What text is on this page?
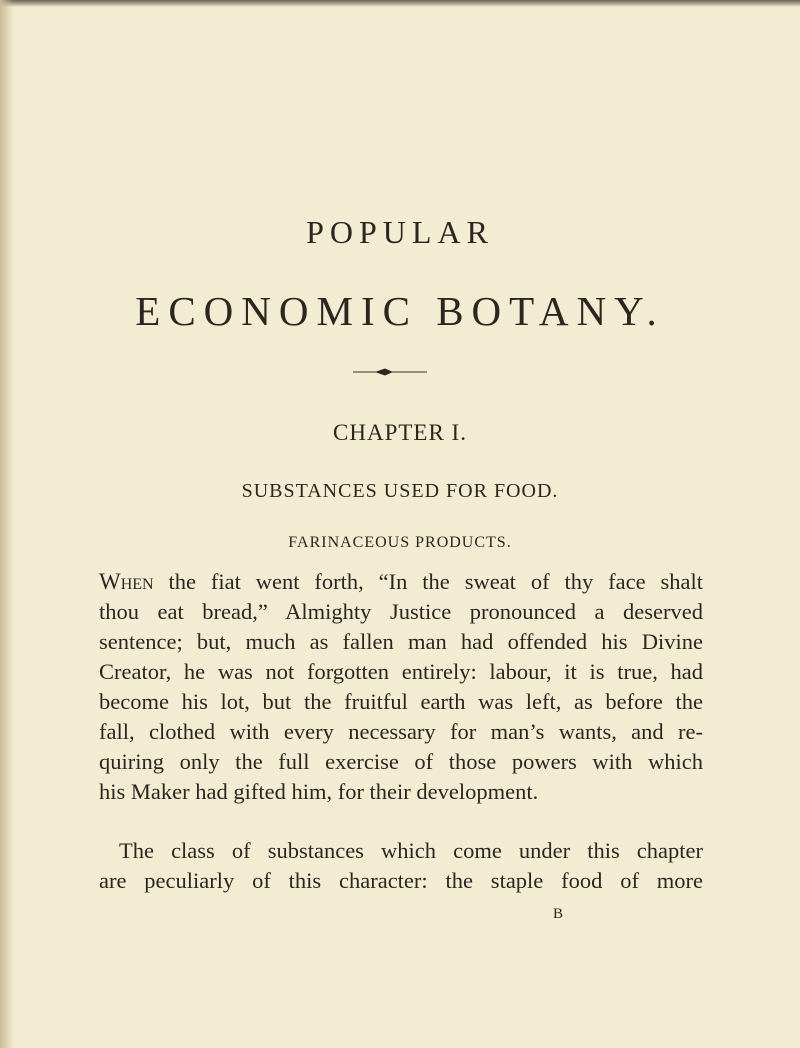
POPULAR
ECONOMIC BOTANY.
CHAPTER I.
SUBSTANCES USED FOR FOOD.
FARINACEOUS PRODUCTS.
When the fiat went forth, “In the sweat of thy face shalt
thou eat bread,” Almighty Justice pronounced a deserved
sentence; but, much as fallen man had offended his Divine
Creator, he was not forgotten entirely: labour, it is true, had
become his lot, but the fruitful earth was left, as before the
fall, clothed with every necessary for man’s wants, and re-
quiring only the full exercise of those powers with which
his Maker had gifted him, for their development.
The class of substances which come under this chapter
are peculiarly of this character: the staple food of more
B
